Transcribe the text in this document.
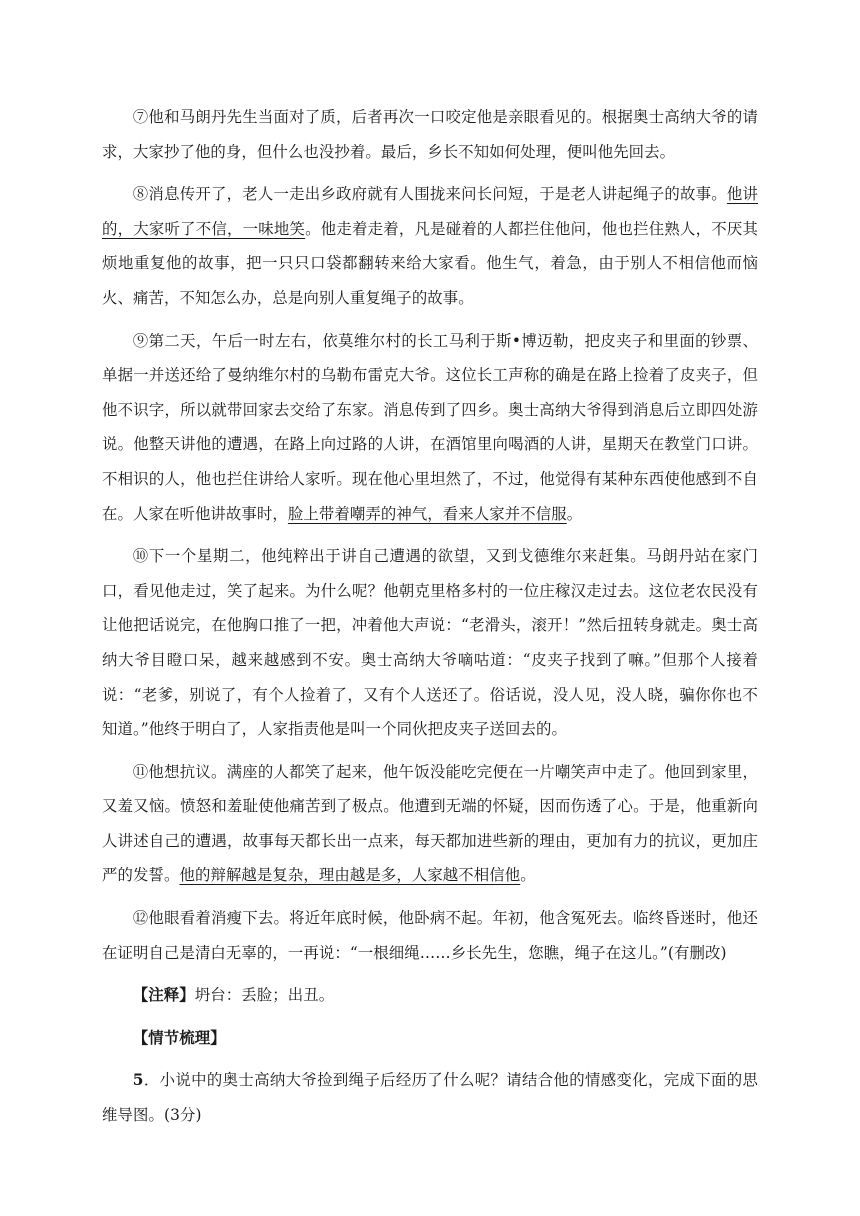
⑦他和马朗丹先生当面对了质，后者再次一口咬定他是亲眼看见的。根据奥士高纳大爷的请求，大家抄了他的身，但什么也没抄着。最后，乡长不知如何处理，便叫他先回去。

⑧消息传开了，老人一走出乡政府就有人围拢来问长问短，于是老人讲起绳子的故事。他讲的，大家听了不信，一味地笑。他走着走着，凡是碰着的人都拦住他问，他也拦住熟人，不厌其烦地重复他的故事，把一只只口袋都翻转来给大家看。他生气，着急，由于别人不相信他而恼火、痛苦，不知怎么办，总是向别人重复绳子的故事。

⑨第二天，午后一时左右，依莫维尔村的长工马利于斯•博迈勒，把皮夹子和里面的钞票、单据一并送还给了曼纳维尔村的乌勒布雷克大爷。这位长工声称的确是在路上捡着了皮夹子，但他不识字，所以就带回家去交给了东家。消息传到了四乡。奥士高纳大爷得到消息后立即四处游说。他整天讲他的遭遇，在路上向过路的人讲，在酒馆里向喝酒的人讲，星期天在教堂门口讲。不相识的人，他也拦住讲给人家听。现在他心里坦然了，不过，他觉得有某种东西使他感到不自在。人家在听他讲故事时，脸上带着嘲弄的神气，看来人家并不信服。

⑩下一个星期二，他纯粹出于讲自己遭遇的欲望，又到戈德维尔来赶集。马朗丹站在家门口，看见他走过，笑了起来。为什么呢？他朝克里格多村的一位庄稼汉走过去。这位老农民没有让他把话说完，在他胸口推了一把，冲着他大声说：“老滑头，滚开！”然后扭转身就走。奥士高纳大爷目瞪口呆，越来越感到不安。奥士高纳大爷嘀咕道：“皮夹子找到了嘛。”但那个人接着说：“老爹，别说了，有个人捡着了，又有个人送还了。俗话说，没人见，没人晓，骗你你也不知道。”他终于明白了，人家指责他是叫一个同伙把皮夹子送回去的。

⑪他想抗议。满座的人都笑了起来，他午饭没能吃完便在一片嘲笑声中走了。他回到家里，又羞又恼。愤怒和羞耻使他痛苦到了极点。他遭到无端的怀疑，因而伤透了心。于是，他重新向人讲述自己的遭遇，故事每天都长出一点来，每天都加进些新的理由，更加有力的抗议，更加庄严的发誓。他的辩解越是复杂，理由越是多，人家越不相信他。

⑫他眼看着消瘦下去。将近年底时候，他卧病不起。年初，他含冤死去。临终昏迷时，他还在证明自己是清白无辜的，一再说：“一根细绳……乡长先生，您瞧，绳子在这儿。”(有删改)

【注释】坍台：丢脸；出丑。

【情节梳理】

5．小说中的奥士高纳大爷捡到绳子后经历了什么呢？请结合他的情感变化，完成下面的思维导图。(3分)
